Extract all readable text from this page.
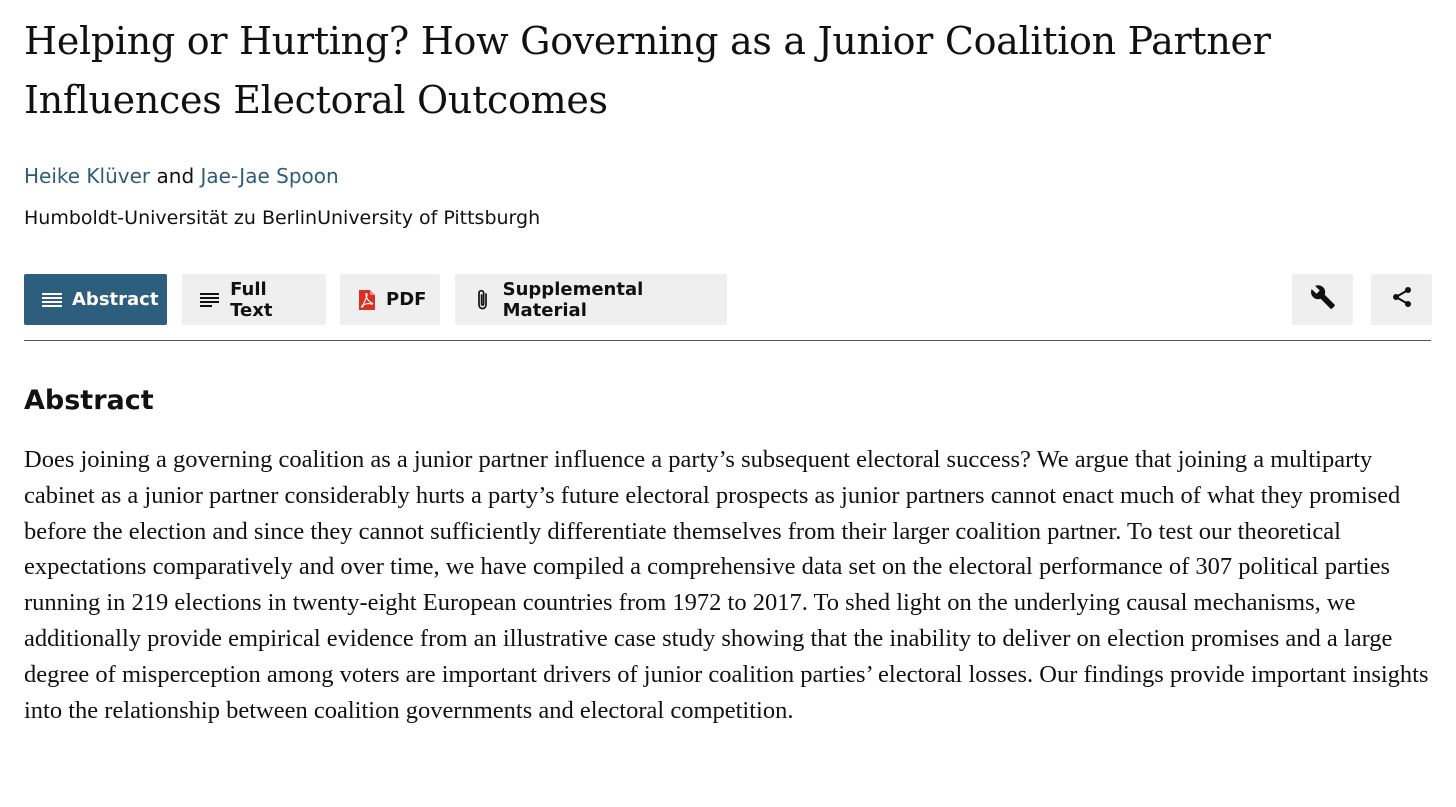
Helping or Hurting? How Governing as a Junior Coalition Partner Influences Electoral Outcomes
Heike Klüver and Jae-Jae Spoon
Humboldt-Universität zu BerlinUniversity of Pittsburgh
Abstract	Full Text	PDF	Supplemental Material
Abstract

Does joining a governing coalition as a junior partner influence a party’s subsequent electoral success? We argue that joining a multiparty cabinet as a junior partner considerably hurts a party’s future electoral prospects as junior partners cannot enact much of what they promised before the election and since they cannot sufficiently differentiate themselves from their larger coalition partner. To test our theoretical expectations comparatively and over time, we have compiled a comprehensive data set on the electoral performance of 307 political parties running in 219 elections in twenty-eight European countries from 1972 to 2017. To shed light on the underlying causal mechanisms, we additionally provide empirical evidence from an illustrative case study showing that the inability to deliver on election promises and a large degree of misperception among voters are important drivers of junior coalition parties’ electoral losses. Our findings provide important insights into the relationship between coalition governments and electoral competition.
